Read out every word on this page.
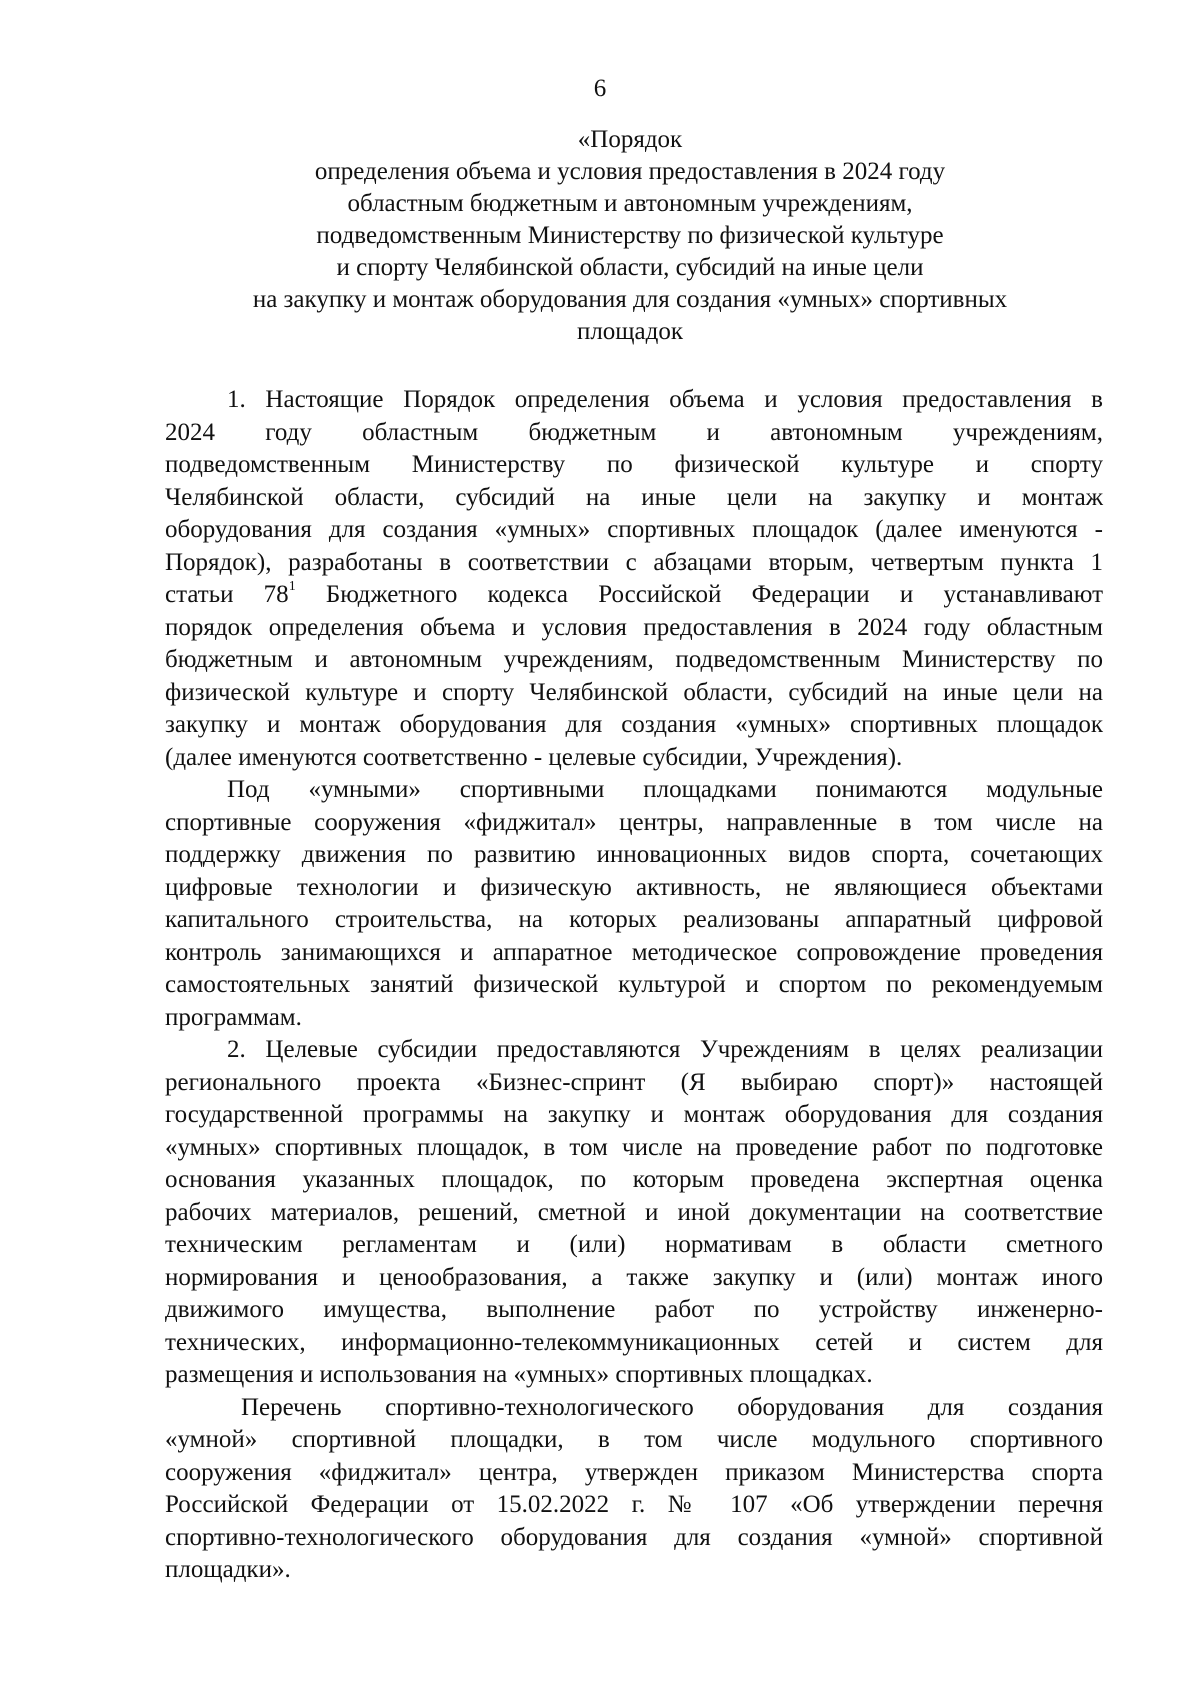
6
«Порядок
определения объема и условия предоставления в 2024 году
областным бюджетным и автономным учреждениям,
подведомственным Министерству по физической культуре
и спорту Челябинской области, субсидий на иные цели
на закупку и монтаж оборудования для создания «умных» спортивных
площадок
1. Настоящие Порядок определения объема и условия предоставления в
2024 году областным бюджетным и автономным учреждениям,
подведомственным Министерству по физической культуре и спорту
Челябинской области, субсидий на иные цели на закупку и монтаж
оборудования для создания «умных» спортивных площадок (далее именуются -
Порядок), разработаны в соответствии с абзацами вторым, четвертым пункта 1
статьи $78^1$ Бюджетного кодекса Российской Федерации и устанавливают
порядок определения объема и условия предоставления в 2024 году областным
бюджетным и автономным учреждениям, подведомственным Министерству по
физической культуре и спорту Челябинской области, субсидий на иные цели на
закупку и монтаж оборудования для создания «умных» спортивных площадок
(далее именуются соответственно - целевые субсидии, Учреждения).
Под «умными» спортивными площадками понимаются модульные
спортивные сооружения «фиджитал» центры, направленные в том числе на
поддержку движения по развитию инновационных видов спорта, сочетающих
цифровые технологии и физическую активность, не являющиеся объектами
капитального строительства, на которых реализованы аппаратный цифровой
контроль занимающихся и аппаратное методическое сопровождение проведения
самостоятельных занятий физической культурой и спортом по рекомендуемым
программам.
2. Целевые субсидии предоставляются Учреждениям в целях реализации
регионального проекта «Бизнес-спринт (Я выбираю спорт)» настоящей
государственной программы на закупку и монтаж оборудования для создания
«умных» спортивных площадок, в том числе на проведение работ по подготовке
основания указанных площадок, по которым проведена экспертная оценка
рабочих материалов, решений, сметной и иной документации на соответствие
техническим регламентам и (или) нормативам в области сметного
нормирования и ценообразования, а также закупку и (или) монтаж иного
движимого имущества, выполнение работ по устройству инженерно-
технических, информационно-телекоммуникационных сетей и систем для
размещения и использования на «умных» спортивных площадках.
Перечень спортивно-технологического оборудования для создания
«умной» спортивной площадки, в том числе модульного спортивного
сооружения «фиджитал» центра, утвержден приказом Министерства спорта
Российской Федерации от 15.02.2022 г. № 107 «Об утверждении перечня
спортивно-технологического оборудования для создания «умной» спортивной
площадки».
